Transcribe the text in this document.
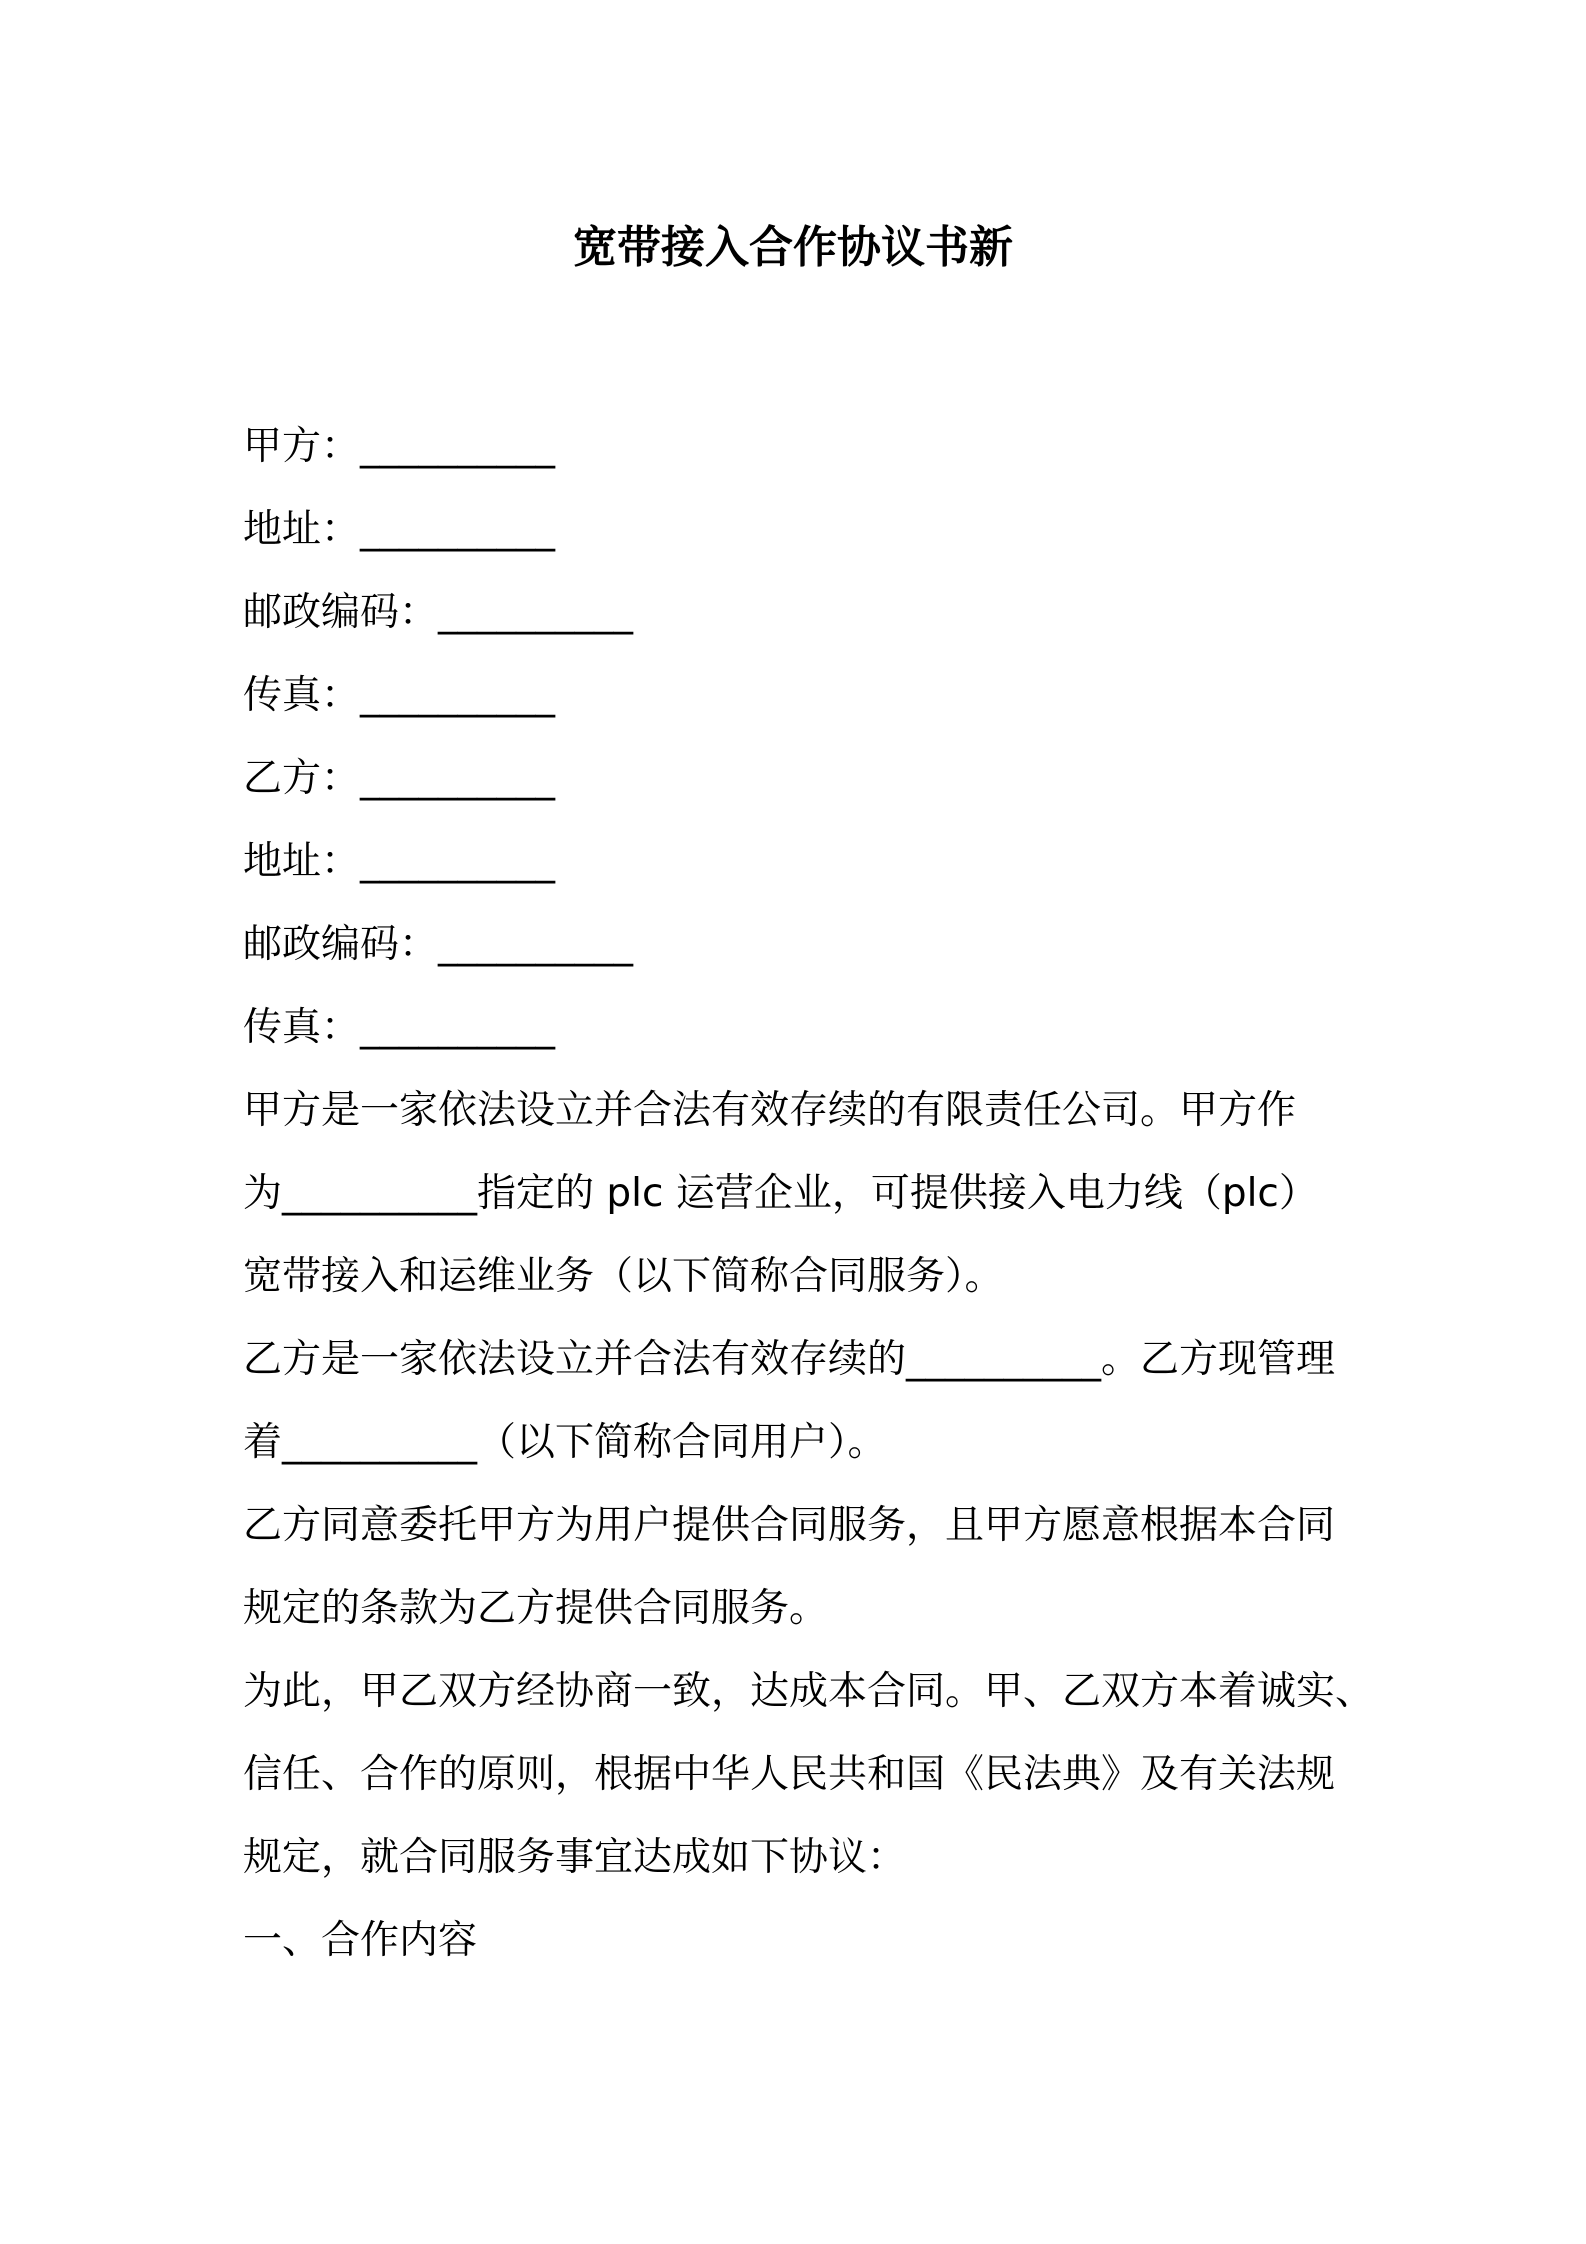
宽带接入合作协议书新
甲方：__________
地址：__________
邮政编码：__________
传真：__________
乙方：__________
地址：__________
邮政编码：__________
传真：__________
甲方是一家依法设立并合法有效存续的有限责任公司。甲方作
为__________指定的 plc 运营企业，可提供接入电力线（plc）
宽带接入和运维业务（以下简称合同服务）。
乙方是一家依法设立并合法有效存续的__________。乙方现管理
着__________（以下简称合同用户）。
乙方同意委托甲方为用户提供合同服务，且甲方愿意根据本合同
规定的条款为乙方提供合同服务。
为此，甲乙双方经协商一致，达成本合同。甲、乙双方本着诚实、
信任、合作的原则，根据中华人民共和国《民法典》及有关法规
规定，就合同服务事宜达成如下协议：
一、合作内容
